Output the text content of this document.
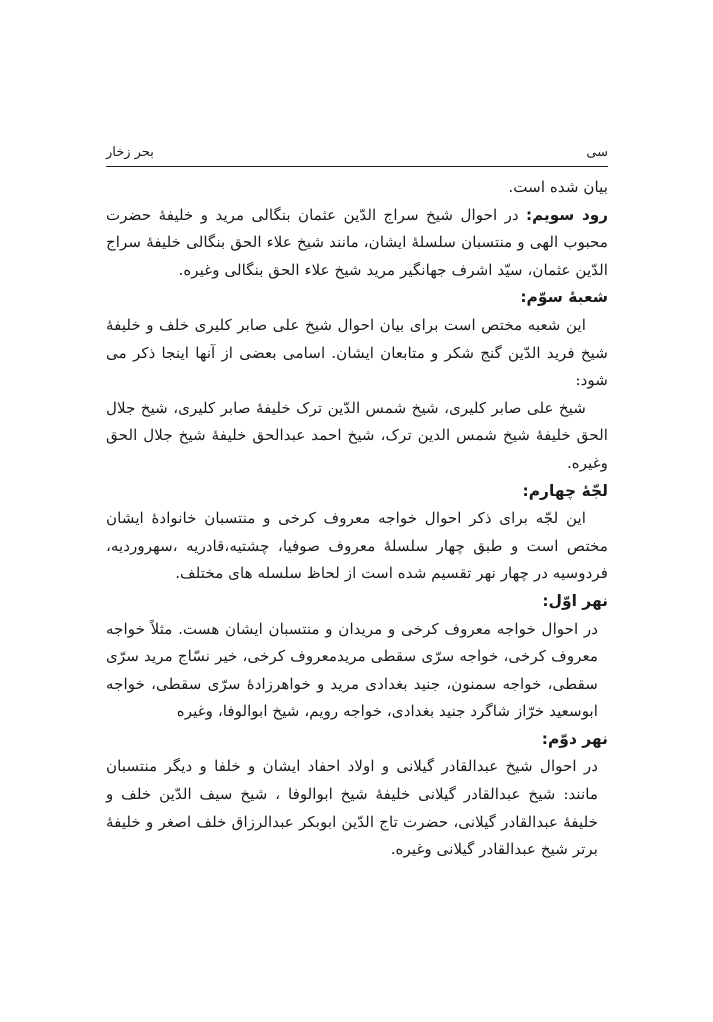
سی
بحر زخار

بیان شده است.

رود سویم: در احوال شیخ سراج الدّین عثمان بنگالی مرید و خلیفۀ حضرت محبوب الهی و منتسبان سلسلۀ ایشان، مانند شیخ علاء الحق بنگالی خلیفۀ سراج الدّین عثمان، سیّد اشرف جهانگیر مرید شیخ علاء الحق بنگالی وغیره.

شعبۀ سوّم:

این شعبه مختص است برای بیان احوال شیخ علی صابر کلیری خلف و خلیفۀ شیخ فرید الدّین گنج شکر و متابعان ایشان. اسامی بعضی از آنها اینجا ذکر می شود:

شیخ علی صابر کلیری، شیخ شمس الدّین ترک خلیفۀ صابر کلیری، شیخ جلال الحق خلیفۀ شیخ شمس الدین ترک، شیخ احمد عبدالحق خلیفۀ شیخ جلال الحق وغیره.

لجّۀ چهارم:

این لجّه برای ذکر احوال خواجه معروف کرخی و منتسبان خانوادۀ ایشان مختص است و طبق چهار سلسلۀ معروف صوفیا، چشتیه،قادریه ،سهروردیه، فردوسیه در چهار نهر تقسیم شده است از لحاظ سلسله های مختلف.

نهر اوّل:

در احوال خواجه معروف کرخی و مریدان و منتسبان ایشان هست. مثلاً خواجه معروف کرخی، خواجه سرّی سقطی مریدمعروف کرخی، خیر نسّاج مرید سرّی سقطی، خواجه سمنون، جنید بغدادی مرید و خواهرزادۀ سرّی سقطی، خواجه ابوسعید خرّاز شاگرد جنید بغدادی، خواجه رویم، شیخ ابوالوفا، وغیره

نهر دوّم:

در احوال شیخ عبدالقادر گیلانی و اولاد احفاد ایشان و خلفا و دیگر منتسبان مانند: شیخ عبدالقادر گیلانی خلیفۀ شیخ ابوالوفا ، شیخ سیف الدّین خلف و خلیفۀ عبدالقادر گیلانی، حضرت تاج الدّین ابوبکر عبدالرزاق خلف اصغر و خلیفۀ برتر شیخ عبدالقادر گیلانی وغیره.
